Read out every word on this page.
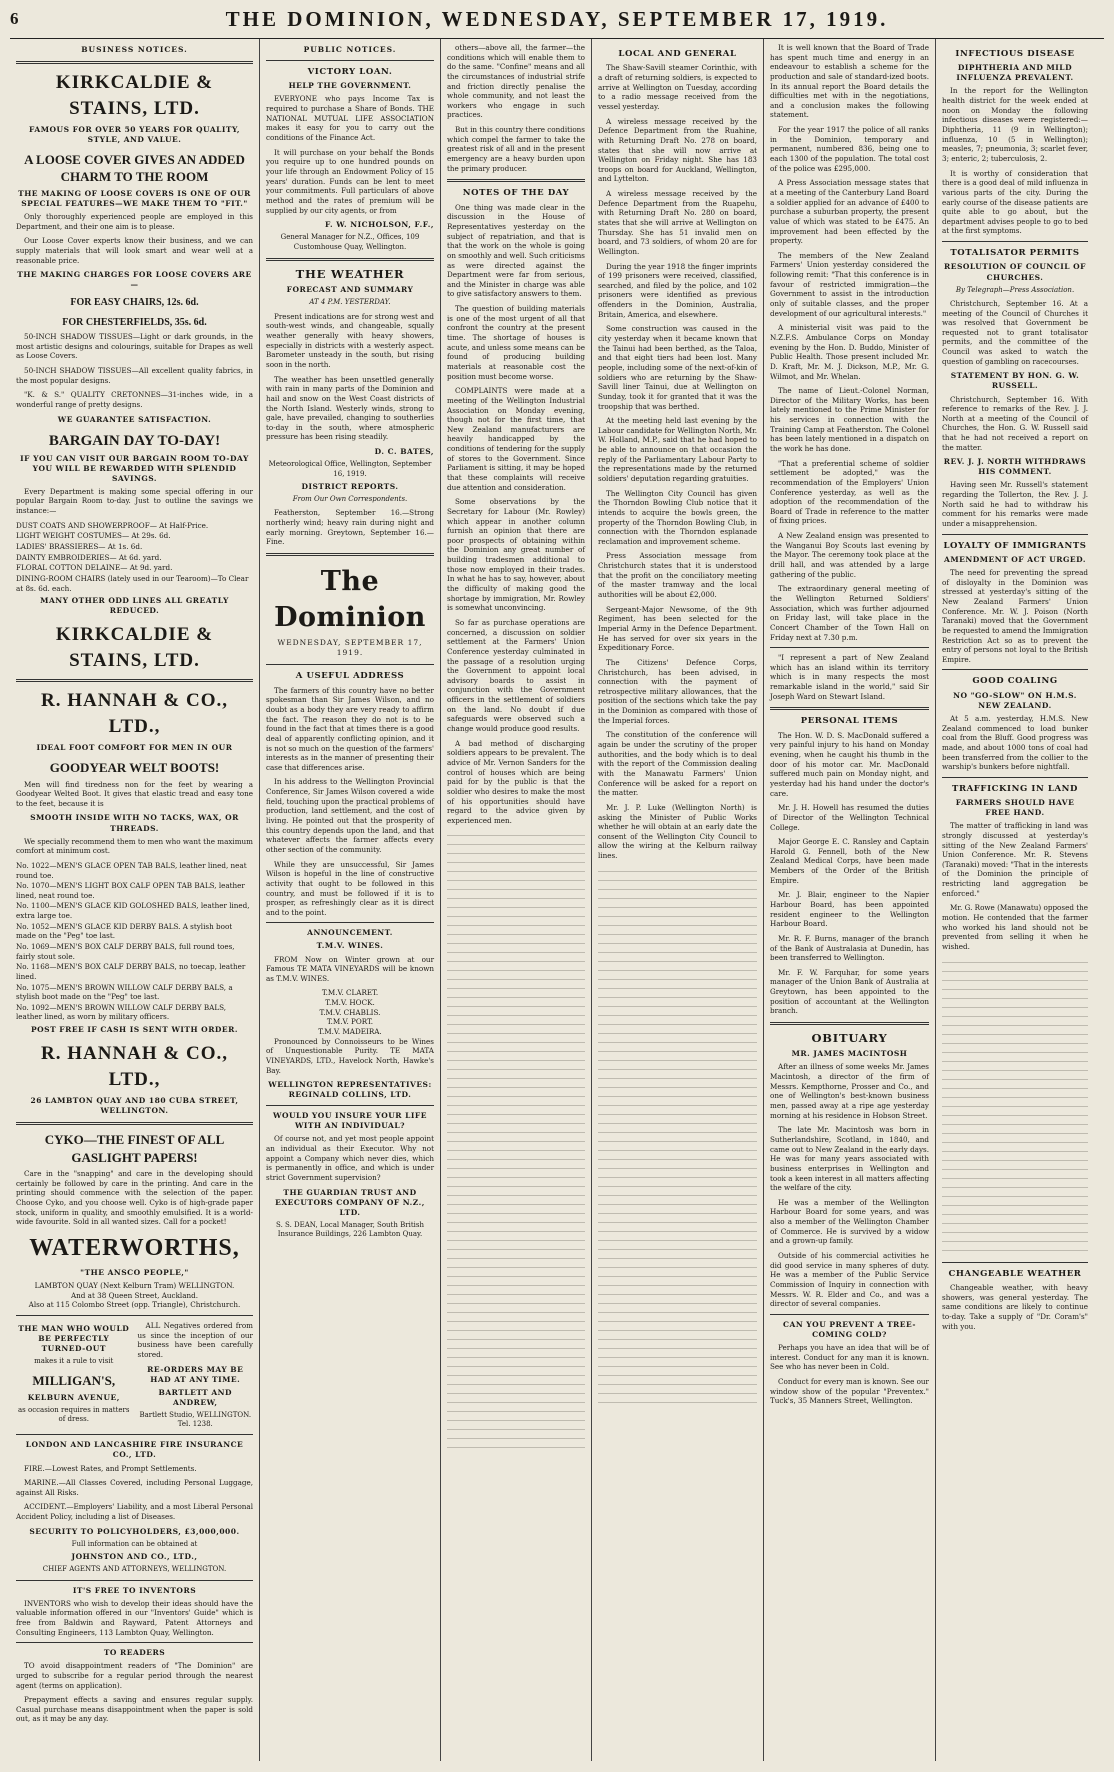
6	THE DOMINION, WEDNESDAY, SEPTEMBER 17, 1919.
BUSINESS NOTICES.
KIRKCALDIE & STAINS, LTD.
FAMOUS FOR OVER 50 YEARS FOR QUALITY, STYLE, AND VALUE.
A LOOSE COVER GIVES AN ADDED CHARM TO THE ROOM
THE MAKING OF LOOSE COVERS IS ONE OF OUR SPECIAL FEATURES—WE MAKE THEM TO "FIT."

Only thoroughly experienced people are employed in this Department, and their one aim is to please.

Our Loose Cover experts know their business, and we can supply materials that will look smart and wear well at a reasonable price.

THE MAKING CHARGES FOR LOOSE COVERS ARE—
FOR EASY CHAIRS, 12s. 6d.
FOR CHESTERFIELDS, 35s. 6d.

50-INCH SHADOW TISSUES—Light or dark grounds, in the most artistic designs and colourings, suitable for Drapes as well as Loose Covers.

50-INCH SHADOW TISSUES—All excellent quality fabrics, in the most popular designs.

"K. & S." QUALITY CRETONNES—31-inches wide, in a wonderful range of pretty designs.

WE GUARANTEE SATISFACTION.
BARGAIN DAY TO-DAY!
IF YOU CAN VISIT OUR BARGAIN ROOM TO-DAY YOU WILL BE REWARDED WITH SPLENDID SAVINGS.

Every Department is making some special offering in our popular Bargain Room to-day. Just to outline the savings we instance:—

DUST COATS AND SHOWERPROOF— At Half-Price.
LIGHT WEIGHT COSTUMES— At 29s. 6d.
LADIES' BRASSIERES— At 1s. 6d.
DAINTY EMBROIDERIES— At 6d. yard.
FLORAL COTTON DELAINE— At 9d. yard.
DINING-ROOM CHAIRS (lately used in our Tearoom)—To Clear at 8s. 6d. each.
MANY OTHER ODD LINES ALL GREATLY REDUCED.
KIRKCALDIE & STAINS, LTD.
R. HANNAH & CO., LTD.,
IDEAL FOOT COMFORT FOR MEN IN OUR
GOODYEAR WELT BOOTS!

Men will find tiredness non for the feet by wearing a Goodyear Welted Boot. It gives that elastic tread and easy tone to the feet, because it is

SMOOTH INSIDE WITH NO TACKS, WAX, OR THREADS.

We specially recommend them to men who want the maximum comfort at minimum cost.

No. 1022—MEN'S GLACE OPEN TAB BALS, leather lined, neat round toe.
No. 1070—MEN'S LIGHT BOX CALF OPEN TAB BALS, leather lined, neat round toe.
No. 1100—MEN'S GLACE KID GOLOSHED BALS, leather lined, extra large toe.
No. 1052—MEN'S GLACE KID DERBY BALS. A stylish boot made on the "Peg" toe last.
No. 1069—MEN'S BOX CALF DERBY BALS, full round toes, fairly stout sole.
No. 1168—MEN'S BOX CALF DERBY BALS, no toecap, leather lined.
No. 1075—MEN'S BROWN WILLOW CALF DERBY BALS, a stylish boot made on the "Peg" toe last.
No. 1092—MEN'S BROWN WILLOW CALF DERBY BALS, leather lined, as worn by military officers.
POST FREE IF CASH IS SENT WITH ORDER.
R. HANNAH & CO., LTD.,
26 LAMBTON QUAY AND 180 CUBA STREET, WELLINGTON.
CYKO—THE FINEST OF ALL GASLIGHT PAPERS!

Care in the "snapping" and care in the developing should certainly be followed by care in the printing. And care in the printing should commence with the selection of the paper. Choose Cyko, and you choose well. Cyko is of high-grade paper stock, uniform in quality, and smoothly emulsified. It is a world-wide favourite. Sold in all wanted sizes. Call for a pocket!

WATERWORTHS,
"THE ANSCO PEOPLE,"
LAMBTON QUAY (Next Kelburn Tram) WELLINGTON.
And at 38 Queen Street, Auckland.
Also at 115 Colombo Street (opp. Triangle), Christchurch.
THE MAN WHO WOULD BE PERFECTLY TURNED-OUT
makes it a rule to visit
MILLIGAN'S,
KELBURN AVENUE,
as occasion requires in matters of dress.

ALL Negatives ordered from us since the inception of our business have been carefully stored.

RE-ORDERS MAY BE HAD AT ANY TIME.
BARTLETT AND ANDREW,
Bartlett Studio, WELLINGTON.
Tel. 1238.
LONDON AND LANCASHIRE FIRE INSURANCE CO., LTD.

FIRE.—Lowest Rates, and Prompt Settlements.

MARINE.—All Classes Covered, including Personal Luggage, against All Risks.

ACCIDENT.—Employers' Liability, and a most Liberal Personal Accident Policy, including a list of Diseases.

SECURITY TO POLICYHOLDERS, £3,000,000.
Full information can be obtained at
JOHNSTON AND CO., LTD.,
CHIEF AGENTS AND ATTORNEYS, WELLINGTON.
IT'S FREE TO INVENTORS

INVENTORS who wish to develop their ideas should have the valuable information offered in our "Inventors' Guide" which is free from Baldwin and Rayward, Patent Attorneys and Consulting Engineers, 113 Lambton Quay, Wellington.

TO READERS

TO avoid disappointment readers of "The Dominion" are urged to subscribe for a regular period through the nearest agent (terms on application).

Prepayment effects a saving and ensures regular supply. Casual purchase means disappointment when the paper is sold out, as it may be any day.

PUBLIC NOTICES.
VICTORY LOAN.
HELP THE GOVERNMENT.

EVERYONE who pays Income Tax is required to purchase a Share of Bonds. THE NATIONAL MUTUAL LIFE ASSOCIATION makes it easy for you to carry out the conditions of the Finance Act.

It will purchase on your behalf the Bonds you require up to one hundred pounds on your life through an Endowment Policy of 15 years' duration. Funds can be lent to meet your commitments. Full particulars of above method and the rates of premium will be supplied by our city agents, or from

F. W. NICHOLSON, F.F.,
General Manager for N.Z., Offices, 109 Customhouse Quay, Wellington.
THE WEATHER
FORECAST AND SUMMARY
AT 4 P.M. YESTERDAY.

Present indications are for strong west and south-west winds, and changeable, squally weather generally with heavy showers, especially in districts with a westerly aspect. Barometer unsteady in the south, but rising soon in the north.

The weather has been unsettled generally with rain in many parts of the Dominion and hail and snow on the West Coast districts of the North Island. Westerly winds, strong to gale, have prevailed, changing to southerlies to-day in the south, where atmospheric pressure has been rising steadily.

D. C. BATES,
Meteorological Office, Wellington, September 16, 1919.
DISTRICT REPORTS.
From Our Own Correspondents.

Featherston, September 16.—Strong northerly wind; heavy rain during night and early morning. Greytown, September 16.—Fine.

The Dominion
WEDNESDAY, SEPTEMBER 17, 1919.
A USEFUL ADDRESS

The farmers of this country have no better spokesman than Sir James Wilson, and no doubt as a body they are very ready to affirm the fact. The reason they do not is to be found in the fact that at times there is a good deal of apparently conflicting opinion, and it is not so much on the question of the farmers' interests as in the manner of presenting their case that differences arise.

In his address to the Wellington Provincial Conference, Sir James Wilson covered a wide field, touching upon the practical problems of production, land settlement, and the cost of living. He pointed out that the prosperity of this country depends upon the land, and that whatever affects the farmer affects every other section of the community.

While they are unsuccessful, Sir James Wilson is hopeful in the line of constructive activity that ought to be followed in this country, and must be followed if it is to prosper, as refreshingly clear as it is direct and to the point.

ANNOUNCEMENT.
T.M.V. WINES.

FROM Now on Winter grown at our Famous TE MATA VINEYARDS will be known as T.M.V. WINES.

T.M.V. CLARET.
T.M.V. HOCK.
T.M.V. CHABLIS.
T.M.V. PORT.
T.M.V. MADEIRA.

Pronounced by Connoisseurs to be Wines of Unquestionable Purity. TE MATA VINEYARDS, LTD., Havelock North, Hawke's Bay.

WELLINGTON REPRESENTATIVES: REGINALD COLLINS, LTD.
WOULD YOU INSURE YOUR LIFE WITH AN INDIVIDUAL?

Of course not, and yet most people appoint an individual as their Executor. Why not appoint a Company which never dies, which is permanently in office, and which is under strict Government supervision?

THE GUARDIAN TRUST AND EXECUTORS COMPANY OF N.Z., LTD.
S. S. DEAN, Local Manager, South British Insurance Buildings, 226 Lambton Quay.

others—above all, the farmer—the conditions which will enable them to do the same. "Confine" means and all the circumstances of industrial strife and friction directly penalise the whole community, and not least the workers who engage in such practices.

But in this country there conditions which compel the farmer to take the greatest risk of all and in the present emergency are a heavy burden upon the primary producer.

NOTES OF THE DAY

One thing was made clear in the discussion in the House of Representatives yesterday on the subject of repatriation, and that is that the work on the whole is going on smoothly and well. Such criticisms as were directed against the Department were far from serious, and the Minister in charge was able to give satisfactory answers to them.

The question of building materials is one of the most urgent of all that confront the country at the present time. The shortage of houses is acute, and unless some means can be found of producing building materials at reasonable cost the position must become worse.

COMPLAINTS were made at a meeting of the Wellington Industrial Association on Monday evening, though not for the first time, that New Zealand manufacturers are heavily handicapped by the conditions of tendering for the supply of stores to the Government. Since Parliament is sitting, it may be hoped that these complaints will receive due attention and consideration.

Some observations by the Secretary for Labour (Mr. Rowley) which appear in another column furnish an opinion that there are poor prospects of obtaining within the Dominion any great number of building tradesmen additional to those now employed in their trades. In what he has to say, however, about the difficulty of making good the shortage by immigration, Mr. Rowley is somewhat unconvincing.

So far as purchase operations are concerned, a discussion on soldier settlement at the Farmers' Union Conference yesterday culminated in the passage of a resolution urging the Government to appoint local advisory boards to assist in conjunction with the Government officers in the settlement of soldiers on the land. No doubt if due safeguards were observed such a change would produce good results.

A bad method of discharging soldiers appears to be prevalent. The advice of Mr. Vernon Sanders for the control of houses which are being paid for by the public is that the soldier who desires to make the most of his opportunities should have regard to the advice given by experienced men.

LOCAL AND GENERAL

The Shaw-Savill steamer Corinthic, with a draft of returning soldiers, is expected to arrive at Wellington on Tuesday, according to a radio message received from the vessel yesterday.

A wireless message received by the Defence Department from the Ruahine, with Returning Draft No. 278 on board, states that she will now arrive at Wellington on Friday night. She has 183 troops on board for Auckland, Wellington, and Lyttelton.

A wireless message received by the Defence Department from the Ruapehu, with Returning Draft No. 280 on board, states that she will arrive at Wellington on Thursday. She has 51 invalid men on board, and 73 soldiers, of whom 20 are for Wellington.

During the year 1918 the finger imprints of 199 prisoners were received, classified, searched, and filed by the police, and 102 prisoners were identified as previous offenders in the Dominion, Australia, Britain, America, and elsewhere.

Some construction was caused in the city yesterday when it became known that the Tainui had been berthed, as the Taloa, and that eight tiers had been lost. Many people, including some of the next-of-kin of soldiers who are returning by the Shaw-Savill liner Tainui, due at Wellington on Sunday, took it for granted that it was the troopship that was berthed.

At the meeting held last evening by the Labour candidate for Wellington North, Mr. W. Holland, M.P., said that he had hoped to be able to announce on that occasion the reply of the Parliamentary Labour Party to the representations made by the returned soldiers' deputation regarding gratuities.

The Wellington City Council has given the Thorndon Bowling Club notice that it intends to acquire the bowls green, the property of the Thorndon Bowling Club, in connection with the Thorndon esplanade reclamation and improvement scheme.

Press Association message from Christchurch states that it is understood that the profit on the conciliatory meeting of the master tramway and the local authorities will be about £2,000.

Sergeant-Major Newsome, of the 9th Regiment, has been selected for the Imperial Army in the Defence Department. He has served for over six years in the Expeditionary Force.

The Citizens' Defence Corps, Christchurch, has been advised, in connection with the payment of retrospective military allowances, that the position of the sections which take the pay in the Dominion as compared with those of the Imperial forces.

The constitution of the conference will again be under the scrutiny of the proper authorities, and the body which is to deal with the report of the Commission dealing with the Manawatu Farmers' Union Conference will be asked for a report on the matter.

Mr. J. P. Luke (Wellington North) is asking the Minister of Public Works whether he will obtain at an early date the consent of the Wellington City Council to allow the wiring at the Kelburn railway lines.

It is well known that the Board of Trade has spent much time and energy in an endeavour to establish a scheme for the production and sale of standard-ized boots. In its annual report the Board details the difficulties met with in the negotiations, and a conclusion makes the following statement.

For the year 1917 the police of all ranks in the Dominion, temporary and permanent, numbered 836, being one to each 1300 of the population. The total cost of the police was £295,000.

A Press Association message states that at a meeting of the Canterbury Land Board a soldier applied for an advance of £400 to purchase a suburban property, the present value of which was stated to be £475. An improvement had been effected by the property.

The members of the New Zealand Farmers' Union yesterday considered the following remit: "That this conference is in favour of restricted immigration—the Government to assist in the introduction only of suitable classes, and the proper development of our agricultural interests."

A ministerial visit was paid to the N.Z.F.S. Ambulance Corps on Monday evening by the Hon. D. Buddo, Minister of Public Health. Those present included Mr. D. Kraft, Mr. M. J. Dickson, M.P., Mr. G. Wilmot, and Mr. Whelan.

The name of Lieut.-Colonel Norman, Director of the Military Works, has been lately mentioned to the Prime Minister for his services in connection with the Training Camp at Featherston. The Colonel has been lately mentioned in a dispatch on the work he has done.

"That a preferential scheme of soldier settlement be adopted," was the recommendation of the Employers' Union Conference yesterday, as well as the adoption of the recommendation of the Board of Trade in reference to the matter of fixing prices.

A New Zealand ensign was presented to the Wanganui Boy Scouts last evening by the Mayor. The ceremony took place at the drill hall, and was attended by a large gathering of the public.

The extraordinary general meeting of the Wellington Returned Soldiers' Association, which was further adjourned on Friday last, will take place in the Concert Chamber of the Town Hall on Friday next at 7.30 p.m.

"I represent a part of New Zealand which has an island within its territory which is in many respects the most remarkable island in the world," said Sir Joseph Ward on Stewart Island.

PERSONAL ITEMS

The Hon. W. D. S. MacDonald suffered a very painful injury to his hand on Monday evening, when he caught his thumb in the door of his motor car. Mr. MacDonald suffered much pain on Monday night, and yesterday had his hand under the doctor's care.

Mr. J. H. Howell has resumed the duties of Director of the Wellington Technical College.

Major George E. C. Ransley and Captain Harold G. Fennell, both of the New Zealand Medical Corps, have been made Members of the Order of the British Empire.

Mr. J. Blair, engineer to the Napier Harbour Board, has been appointed resident engineer to the Wellington Harbour Board.

Mr. R. F. Burns, manager of the branch of the Bank of Australasia at Dunedin, has been transferred to Wellington.

Mr. F. W. Farquhar, for some years manager of the Union Bank of Australia at Greytown, has been appointed to the position of accountant at the Wellington branch.

OBITUARY
MR. JAMES MACINTOSH

After an illness of some weeks Mr. James Macintosh, a director of the firm of Messrs. Kempthorne, Prosser and Co., and one of Wellington's best-known business men, passed away at a ripe age yesterday morning at his residence in Hobson Street.

The late Mr. Macintosh was born in Sutherlandshire, Scotland, in 1840, and came out to New Zealand in the early days. He was for many years associated with business enterprises in Wellington and took a keen interest in all matters affecting the welfare of the city.

He was a member of the Wellington Harbour Board for some years, and was also a member of the Wellington Chamber of Commerce. He is survived by a widow and a grown-up family.

Outside of his commercial activities he did good service in many spheres of duty. He was a member of the Public Service Commission of Inquiry in connection with Messrs. W. R. Elder and Co., and was a director of several companies.

CAN YOU PREVENT A TREE-COMING COLD?

Perhaps you have an idea that will be of interest. Conduct for any man it is known. See who has never been in Cold.

Conduct for every man is known. See our window show of the popular "Preventex." Tuck's, 35 Manners Street, Wellington.

INFECTIOUS DISEASE
DIPHTHERIA AND MILD INFLUENZA PREVALENT.

In the report for the Wellington health district for the week ended at noon on Monday the following infectious diseases were registered:—Diphtheria, 11 (9 in Wellington); influenza, 10 (5 in Wellington); measles, 7; pneumonia, 3; scarlet fever, 3; enteric, 2; tuberculosis, 2.

It is worthy of consideration that there is a good deal of mild influenza in various parts of the city. During the early course of the disease patients are quite able to go about, but the department advises people to go to bed at the first symptoms.

TOTALISATOR PERMITS
RESOLUTION OF COUNCIL OF CHURCHES.
By Telegraph—Press Association.

Christchurch, September 16. At a meeting of the Council of Churches it was resolved that Government be requested not to grant totalisator permits, and the committee of the Council was asked to watch the question of gambling on racecourses.

STATEMENT BY HON. G. W. RUSSELL.

Christchurch, September 16. With reference to remarks of the Rev. J. J. North at a meeting of the Council of Churches, the Hon. G. W. Russell said that he had not received a report on the matter.

REV. J. J. NORTH WITHDRAWS HIS COMMENT.

Having seen Mr. Russell's statement regarding the Tollerton, the Rev. J. J. North said he had to withdraw his comment for his remarks were made under a misapprehension.

LOYALTY OF IMMIGRANTS
AMENDMENT OF ACT URGED.

The need for preventing the spread of disloyalty in the Dominion was stressed at yesterday's sitting of the New Zealand Farmers' Union Conference. Mr. W. J. Poison (North Taranaki) moved that the Government be requested to amend the Immigration Restriction Act so as to prevent the entry of persons not loyal to the British Empire.

GOOD COALING
NO "GO-SLOW" ON H.M.S. NEW ZEALAND.

At 5 a.m. yesterday, H.M.S. New Zealand commenced to load bunker coal from the Bluff. Good progress was made, and about 1000 tons of coal had been transferred from the collier to the warship's bunkers before nightfall.

TRAFFICKING IN LAND
FARMERS SHOULD HAVE FREE HAND.

The matter of trafficking in land was strongly discussed at yesterday's sitting of the New Zealand Farmers' Union Conference. Mr. R. Stevens (Taranaki) moved: "That in the interests of the Dominion the principle of restricting land aggregation be enforced."

Mr. G. Rowe (Manawatu) opposed the motion. He contended that the farmer who worked his land should not be prevented from selling it when he wished.

CHANGEABLE WEATHER

Changeable weather, with heavy showers, was general yesterday. The same conditions are likely to continue to-day. Take a supply of "Dr. Coram's" with you.
